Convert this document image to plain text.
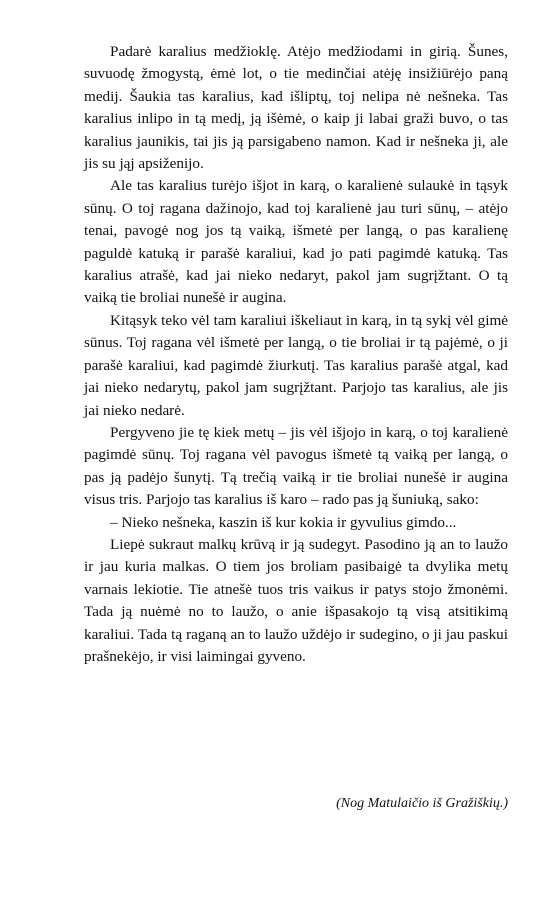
Padarė karalius medžioklę. Atėjo medžiodami in girią. Šunes, suvuodę žmogystą, ėmė lot, o tie medinčiai atėję insižiūrėjo paną medij. Šaukia tas karalius, kad išliptų, toj nelipa nė nešneka. Tas karalius inlipo in tą medį, ją išėmė, o kaip ji labai graži buvo, o tas karalius jaunikis, tai jis ją parsigabeno namon. Kad ir nešneka ji, ale jis su jąj apsiženijo.

Ale tas karalius turėjo išjot in karą, o karalienė sulaukė in tąsyk sūnų. O toj ragana dažinojo, kad toj karalienė jau turi sūnų, – atėjo tenai, pavogė nog jos tą vaiką, išmetė per langą, o pas karalienę paguldė katuką ir parašė karaliui, kad jo pati pagimdė katuką. Tas karalius atrašė, kad jai nieko nedaryt, pakol jam sugrįžtant. O tą vaiką tie broliai nunešė ir augina.

Kitąsyk teko vėl tam karaliui iškeliaut in karą, in tą sykį vėl gimė sūnus. Toj ragana vėl išmetė per langą, o tie broliai ir tą pajėmė, o ji parašė karaliui, kad pagimdė žiurkutį. Tas karalius parašė atgal, kad jai nieko nedarytų, pakol jam sugrįžtant. Parjojo tas karalius, ale jis jai nieko nedarė.

Pergyveno jie tę kiek metų – jis vėl išjojo in karą, o toj karalienė pagimdė sūnų. Toj ragana vėl pavogus išmetė tą vaiką per langą, o pas ją padėjo šunytį. Tą trečią vaiką ir tie broliai nunešė ir augina visus tris. Parjojo tas karalius iš karo – rado pas ją šuniuką, sako:

– Nieko nešneka, kaszin iš kur kokia ir gyvulius gimdo...

Liepė sukraut malkų krūvą ir ją sudegyt. Pasodino ją an to laužo ir jau kuria malkas. O tiem jos broliam pasibaigė ta dvylika metų varnais lekiotie. Tie atnešė tuos tris vaikus ir patys stojo žmonėmi. Tada ją nuėmė no to laužo, o anie išpasakojo tą visą atsitikimą karaliui. Tada tą raganą an to laužo uždėjo ir sudegino, o ji jau paskui prašnekėjo, ir visi laimingai gyveno.

(Nog Matulaičio iš Gražiškių.)
